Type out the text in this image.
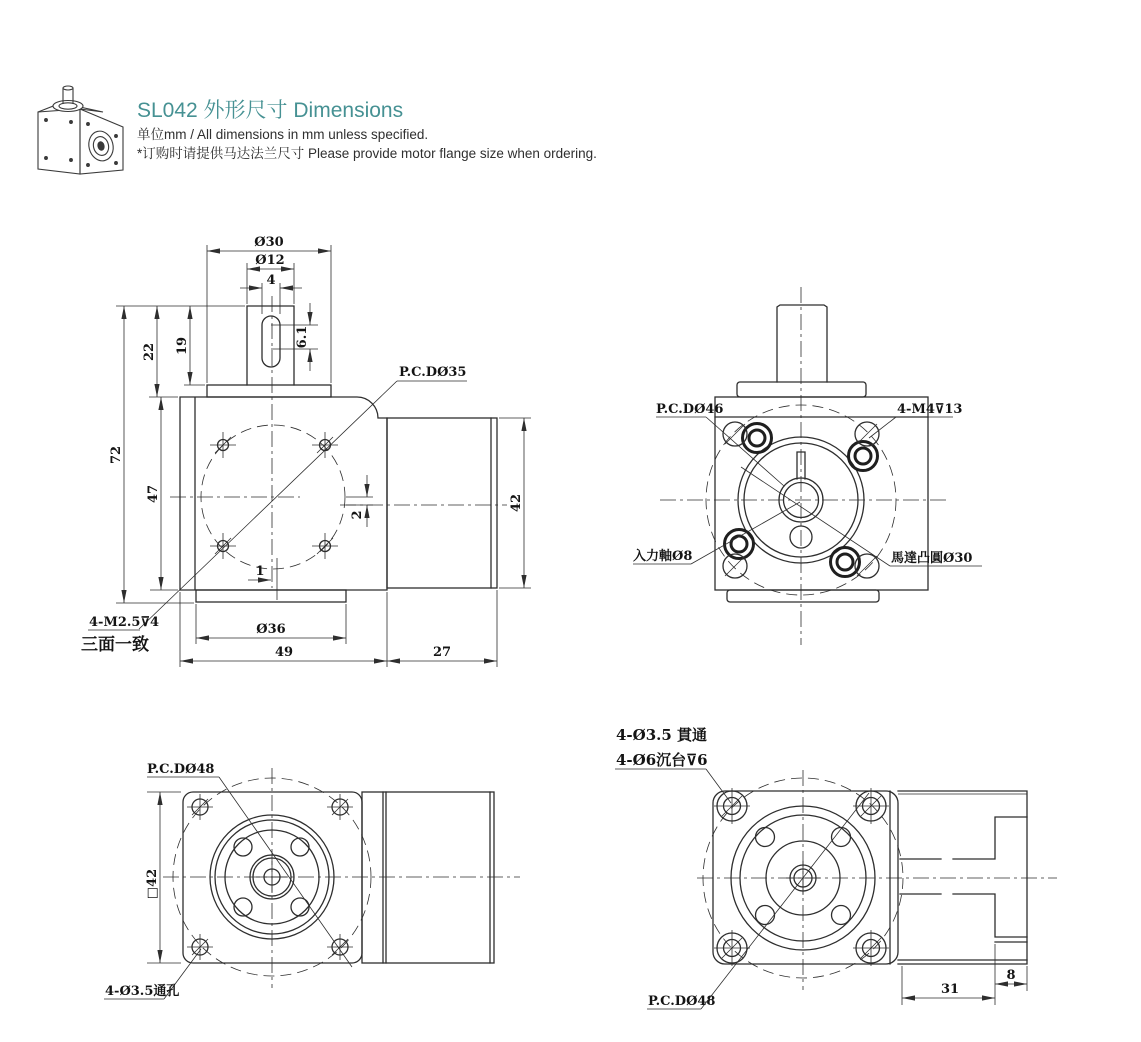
SL042 外形尺寸 Dimensions
单位mm / All dimensions in mm unless specified.
*订购时请提供马达法兰尺寸 Please provide motor flange size when ordering.
Ø30
Ø12
4
6.1
22 19
72
47	42
Ø36
49	27
2
1
P.C.DØ35
4-M2.5⊽4
三面一致
P.C.DØ46	4-M4⊽13
入力軸Ø8	馬達凸圓Ø30
□42
P.C.DØ48
4-Ø3.5通孔
4-Ø3.5 貫通
4-Ø6沉台⊽6
P.C.DØ48
31
8
